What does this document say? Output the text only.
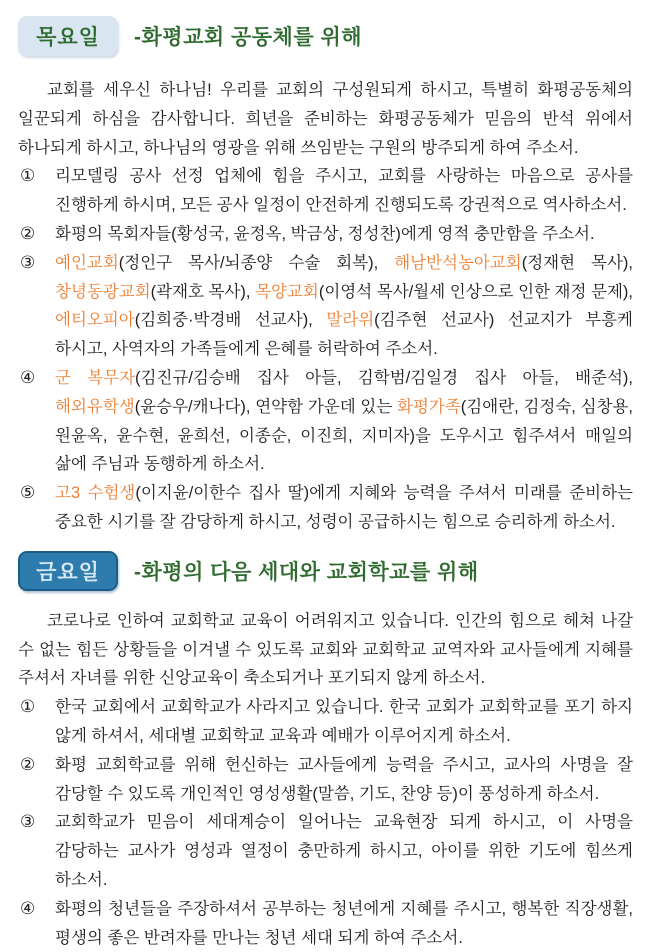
목요일	-화평교회 공동체를 위해

교회를 세우신 하나님! 우리를 교회의 구성원되게 하시고, 특별히 화평공동체의 일꾼되게 하심을 감사합니다. 희년을 준비하는 화평공동체가 믿음의 반석 위에서 하나되게 하시고, 하나님의 영광을 위해 쓰임받는 구원의 방주되게 하여 주소서.

①	리모델링 공사 선정 업체에 힘을 주시고, 교회를 사랑하는 마음으로 공사를 진행하게 하시며, 모든 공사 일정이 안전하게 진행되도록 강권적으로 역사하소서.
②	화평의 목회자들(황성국, 윤정옥, 박금상, 정성찬)에게 영적 충만함을 주소서.
③	예인교회(정인구 목사/뇌종양 수술 회복), 해남반석농아교회(정재현 목사), 창녕동광교회(곽재호 목사), 목양교회(이영석 목사/월세 인상으로 인한 재정 문제), 에티오피아(김희중·박경배 선교사), 말라위(김주현 선교사) 선교지가 부흥케 하시고, 사역자의 가족들에게 은혜를 허락하여 주소서.
④	군 복무자(김진규/김승배 집사 아들, 김학범/김일경 집사 아들, 배준석), 해외유학생(윤승우/캐나다), 연약함 가운데 있는 화평가족(김애란, 김정숙, 심창용, 원윤옥, 윤수현, 윤희선, 이종순, 이진희, 지미자)을 도우시고 힘주셔서 매일의 삶에 주님과 동행하게 하소서.
⑤	고3 수험생(이지윤/이한수 집사 딸)에게 지혜와 능력을 주셔서 미래를 준비하는 중요한 시기를 잘 감당하게 하시고, 성령이 공급하시는 힘으로 승리하게 하소서.
금요일	-화평의 다음 세대와 교회학교를 위해

코로나로 인하여 교회학교 교육이 어려워지고 있습니다. 인간의 힘으로 헤쳐 나갈 수 없는 힘든 상황들을 이겨낼 수 있도록 교회와 교회학교 교역자와 교사들에게 지혜를 주셔서 자녀를 위한 신앙교육이 축소되거나 포기되지 않게 하소서.

①	한국 교회에서 교회학교가 사라지고 있습니다. 한국 교회가 교회학교를 포기 하지 않게 하셔서, 세대별 교회학교 교육과 예배가 이루어지게 하소서.
②	화평 교회학교를 위해 헌신하는 교사들에게 능력을 주시고, 교사의 사명을 잘 감당할 수 있도록 개인적인 영성생활(말씀, 기도, 찬양 등)이 풍성하게 하소서.
③	교회학교가 믿음이 세대계승이 일어나는 교육현장 되게 하시고, 이 사명을 감당하는 교사가 영성과 열정이 충만하게 하시고, 아이를 위한 기도에 힘쓰게 하소서.
④	화평의 청년들을 주장하셔서 공부하는 청년에게 지혜를 주시고, 행복한 직장생활, 평생의 좋은 반려자를 만나는 청년 세대 되게 하여 주소서.
